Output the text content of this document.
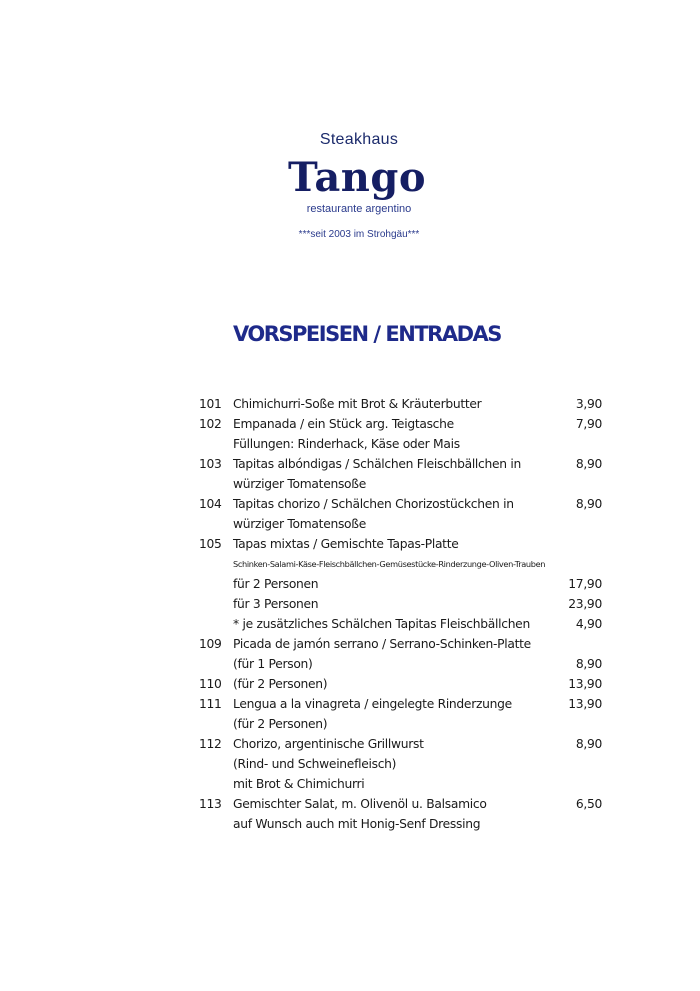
Steakhaus
Tango
restaurante argentino
***seit 2003 im Strohgäu***
VORSPEISEN / ENTRADAS
101 Chimichurri-Soße mit Brot & Kräuterbutter	3,90
102 Empanada / ein Stück arg. Teigtasche	7,90
Füllungen: Rinderhack, Käse oder Mais
103 Tapitas albóndigas / Schälchen Fleischbällchen in	8,90
würziger Tomatensoße
104 Tapitas chorizo / Schälchen Chorizostückchen in	8,90
würziger Tomatensoße
105 Tapas mixtas / Gemischte Tapas-Platte
Schinken-Salami-Käse-Fleischbällchen-Gemüsestücke-Rinderzunge-Oliven-Trauben
für 2 Personen	17,90
für 3 Personen	23,90
* je zusätzliches Schälchen Tapitas Fleischbällchen	4,90
109 Picada de jamón serrano / Serrano-Schinken-Platte
(für 1 Person)	8,90
110 (für 2 Personen)	13,90
111 Lengua a la vinagreta / eingelegte Rinderzunge	13,90
(für 2 Personen)
112 Chorizo, argentinische Grillwurst	8,90
(Rind- und Schweinefleisch)
mit Brot & Chimichurri
113 Gemischter Salat, m. Olivenöl u. Balsamico	6,50
auf Wunsch auch mit Honig-Senf Dressing
